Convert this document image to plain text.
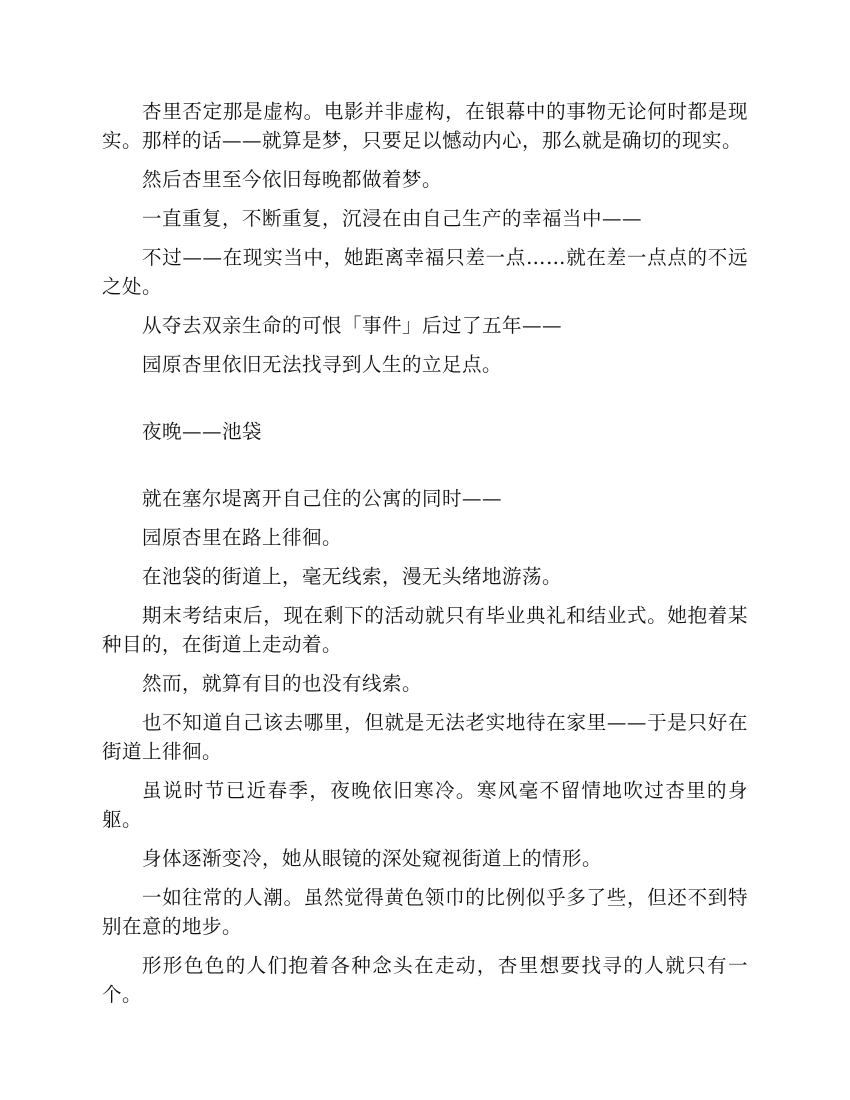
杏里否定那是虚构。电影并非虚构，在银幕中的事物无论何时都是现实。那样的话——就算是梦，只要足以憾动内心，那么就是确切的现实。

然后杏里至今依旧每晚都做着梦。

一直重复，不断重复，沉浸在由自己生产的幸福当中——

不过——在现实当中，她距离幸福只差一点……就在差一点点的不远之处。

从夺去双亲生命的可恨「事件」后过了五年——

园原杏里依旧无法找寻到人生的立足点。

夜晚——池袋

就在塞尔堤离开自己住的公寓的同时——

园原杏里在路上徘徊。

在池袋的街道上，毫无线索，漫无头绪地游荡。

期末考结束后，现在剩下的活动就只有毕业典礼和结业式。她抱着某种目的，在街道上走动着。

然而，就算有目的也没有线索。

也不知道自己该去哪里，但就是无法老实地待在家里——于是只好在街道上徘徊。

虽说时节已近春季，夜晚依旧寒冷。寒风毫不留情地吹过杏里的身躯。

身体逐渐变冷，她从眼镜的深处窥视街道上的情形。

一如往常的人潮。虽然觉得黄色领巾的比例似乎多了些，但还不到特别在意的地步。

形形色色的人们抱着各种念头在走动，杏里想要找寻的人就只有一个。
